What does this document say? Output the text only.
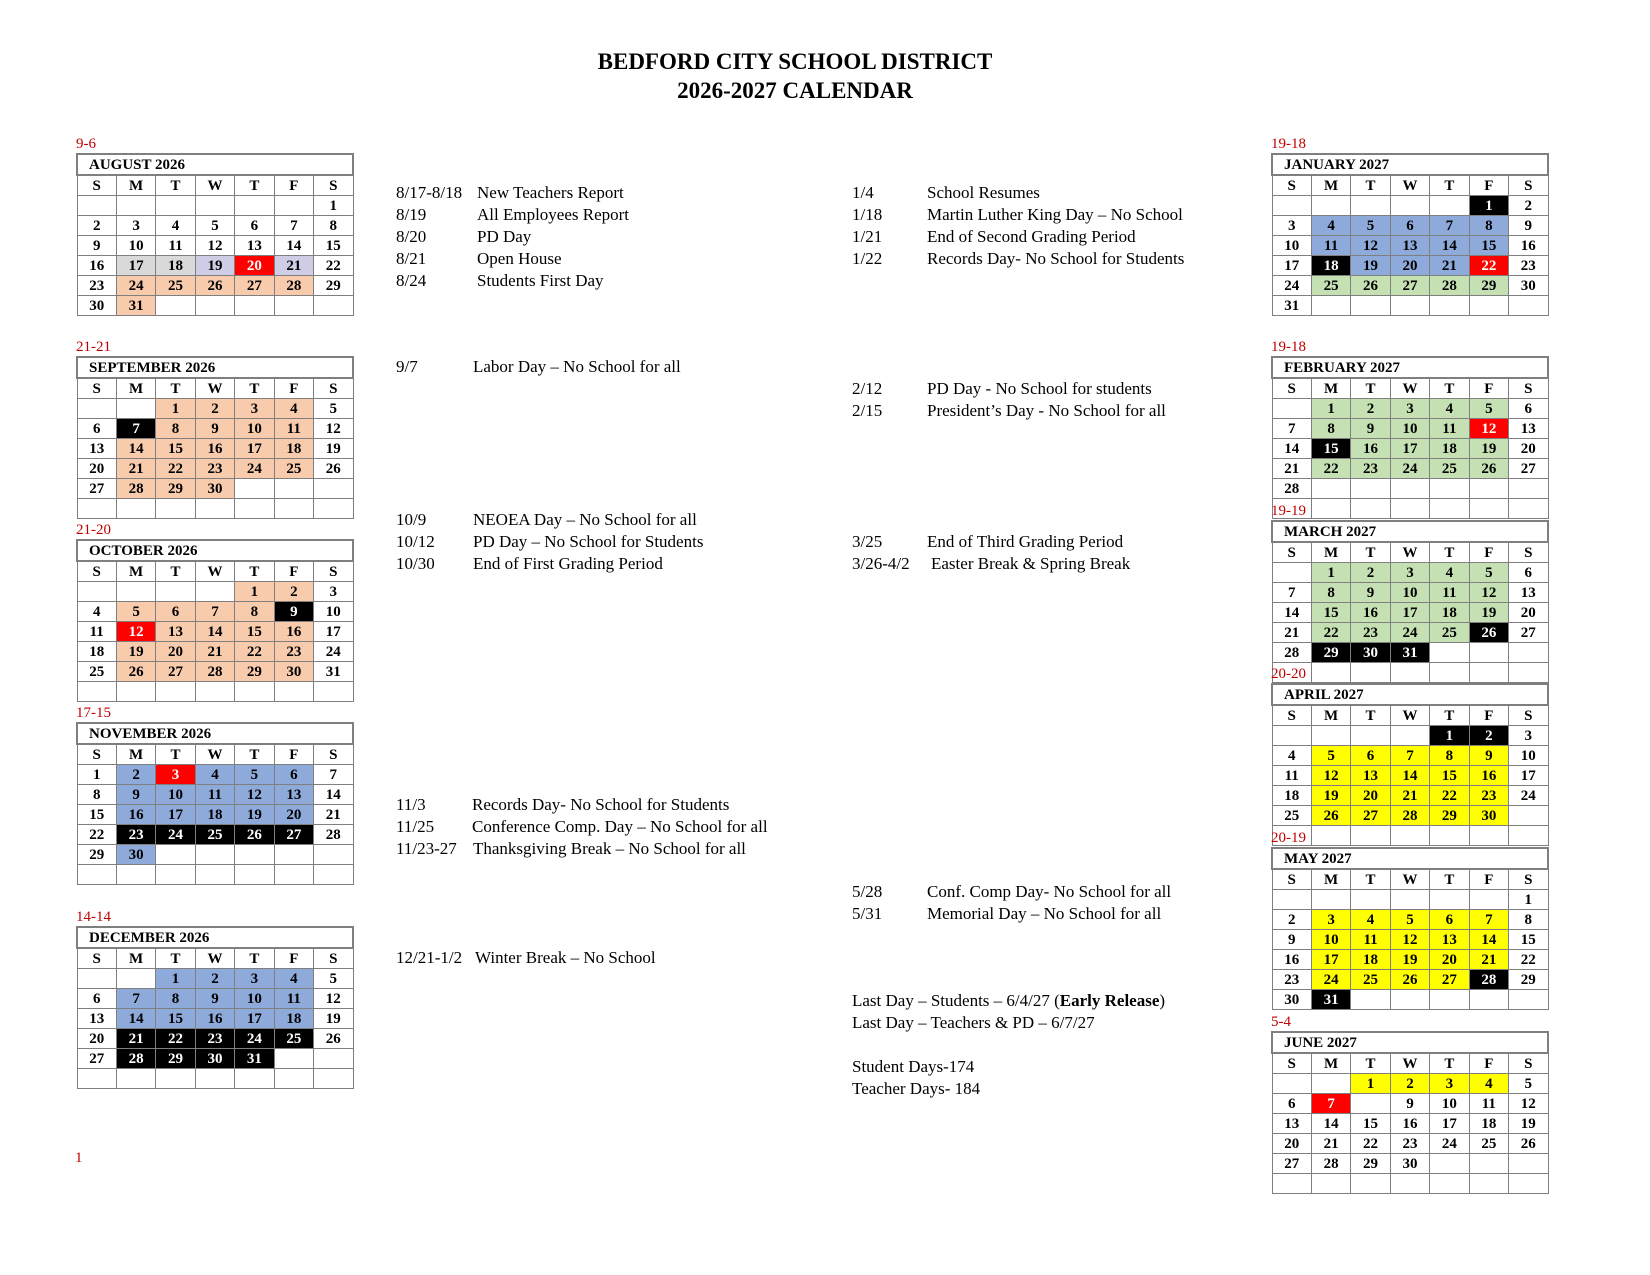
BEDFORD CITY SCHOOL DISTRICT
2026-2027 CALENDAR
9-6
AUGUST 2026						
S	M	T	W	T	F	S
						1
2	3	4	5	6	7	8
9	10	11	12	13	14	15
16	17	18	19	20	21	22
23	24	25	26	27	28	29
30	31					
21-21
SEPTEMBER 2026						
S	M	T	W	T	F	S
		1	2	3	4	5
6	7	8	9	10	11	12
13	14	15	16	17	18	19
20	21	22	23	24	25	26
27	28	29	30			

21-20
OCTOBER 2026						
S	M	T	W	T	F	S
				1	2	3
4	5	6	7	8	9	10
11	12	13	14	15	16	17
18	19	20	21	22	23	24
25	26	27	28	29	30	31

17-15
NOVEMBER 2026						
S	M	T	W	T	F	S
1	2	3	4	5	6	7
8	9	10	11	12	13	14
15	16	17	18	19	20	21
22	23	24	25	26	27	28
29	30					

14-14
DECEMBER 2026						
S	M	T	W	T	F	S
		1	2	3	4	5
6	7	8	9	10	11	12
13	14	15	16	17	18	19
20	21	22	23	24	25	26
27	28	29	30	31		

19-18
JANUARY 2027						
S	M	T	W	T	F	S
					1	2
3	4	5	6	7	8	9
10	11	12	13	14	15	16
17	18	19	20	21	22	23
24	25	26	27	28	29	30
31						
19-18
FEBRUARY 2027						
S	M	T	W	T	F	S
	1	2	3	4	5	6
7	8	9	10	11	12	13
14	15	16	17	18	19	20
21	22	23	24	25	26	27
28						

19-19
MARCH 2027						
S	M	T	W	T	F	S
	1	2	3	4	5	6
7	8	9	10	11	12	13
14	15	16	17	18	19	20
21	22	23	24	25	26	27
28	29	30	31			

20-20
APRIL 2027						
S	M	T	W	T	F	S
				1	2	3
4	5	6	7	8	9	10
11	12	13	14	15	16	17
18	19	20	21	22	23	24
25	26	27	28	29	30	

20-19
MAY 2027						
S	M	T	W	T	F	S
						1
2	3	4	5	6	7	8
9	10	11	12	13	14	15
16	17	18	19	20	21	22
23	24	25	26	27	28	29
30	31					
5-4
JUNE 2027						
S	M	T	W	T	F	S
		1	2	3	4	5
6	7		9	10	11	12
13	14	15	16	17	18	19
20	21	22	23	24	25	26
27	28	29	30			

8/17-8/18 New Teachers Report
8/19	All Employees Report
8/20	PD Day
8/21	Open House
8/24	Students First Day
9/7	Labor Day – No School for all
10/9	NEOEA Day – No School for all
10/12 PD Day – No School for Students
10/30 End of First Grading Period
11/3	Records Day- No School for Students
11/25 Conference Comp. Day – No School for all
11/23-27 Thanksgiving Break – No School for all
12/21-1/2 Winter Break – No School
1/4	School Resumes
1/18	Martin Luther King Day – No School
1/21	End of Second Grading Period
1/22	Records Day- No School for Students
2/12	PD Day - No School for students
2/15	President’s Day - No School for all
3/25	End of Third Grading Period
3/26-4/2 Easter Break & Spring Break
5/28	Conf. Comp Day- No School for all
5/31	Memorial Day – No School for all
Last Day – Students – 6/4/27 (Early Release)
Last Day – Teachers & PD – 6/7/27
Student Days-174
Teacher Days- 184
1
